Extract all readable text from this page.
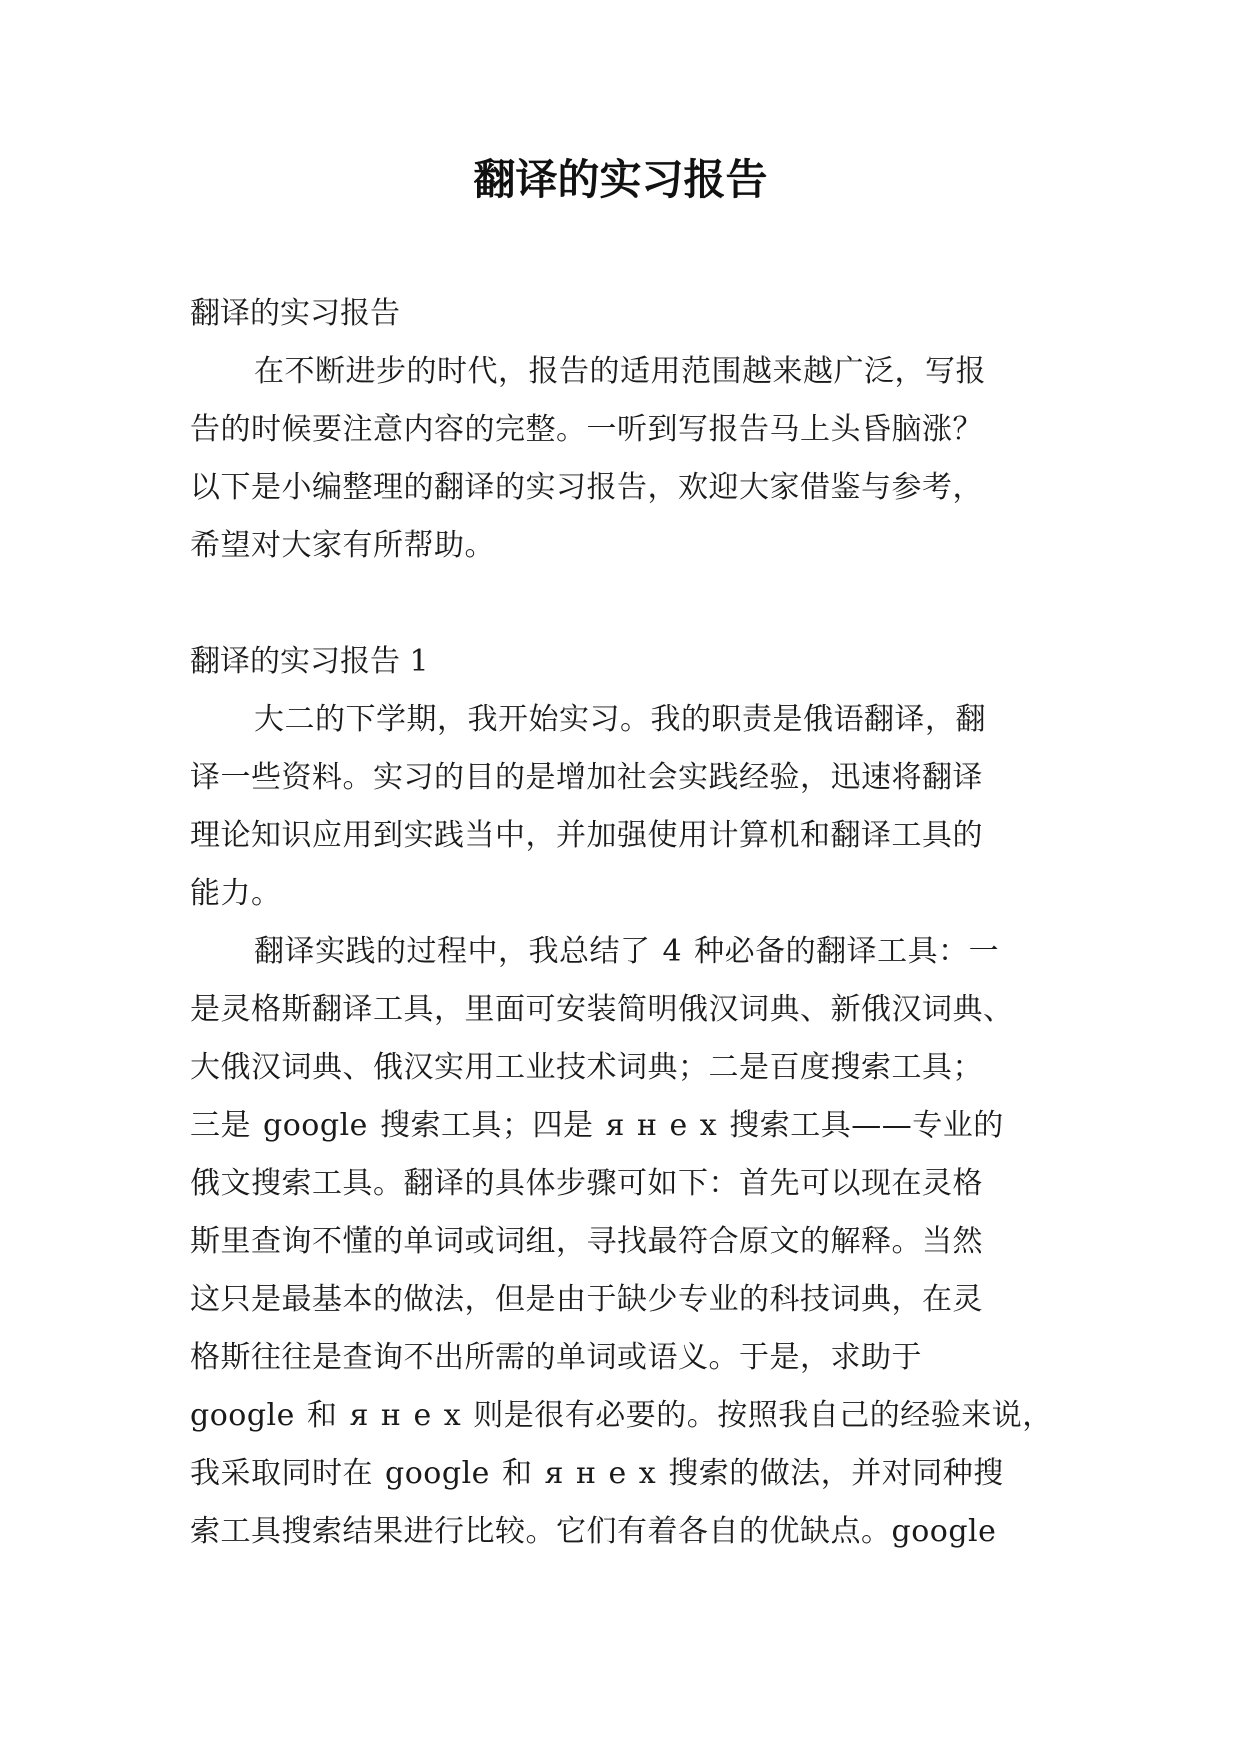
翻译的实习报告
翻译的实习报告
在不断进步的时代，报告的适用范围越来越广泛，写报
告的时候要注意内容的完整。一听到写报告马上头昏脑涨？
以下是小编整理的翻译的实习报告，欢迎大家借鉴与参考，
希望对大家有所帮助。
翻译的实习报告 1
大二的下学期，我开始实习。我的职责是俄语翻译，翻
译一些资料。实习的目的是增加社会实践经验，迅速将翻译
理论知识应用到实践当中，并加强使用计算机和翻译工具的
能力。
翻译实践的过程中，我总结了 4 种必备的翻译工具：一
是灵格斯翻译工具，里面可安装简明俄汉词典、新俄汉词典、
大俄汉词典、俄汉实用工业技术词典；二是百度搜索工具；
三是 google 搜索工具；四是 я н е х 搜索工具——专业的
俄文搜索工具。翻译的具体步骤可如下：首先可以现在灵格
斯里查询不懂的单词或词组，寻找最符合原文的解释。当然
这只是最基本的做法，但是由于缺少专业的科技词典，在灵
格斯往往是查询不出所需的单词或语义。于是，求助于
google 和 я н е х 则是很有必要的。按照我自己的经验来说，
我采取同时在 google 和 я н е х 搜索的做法，并对同种搜
索工具搜索结果进行比较。它们有着各自的优缺点。google
